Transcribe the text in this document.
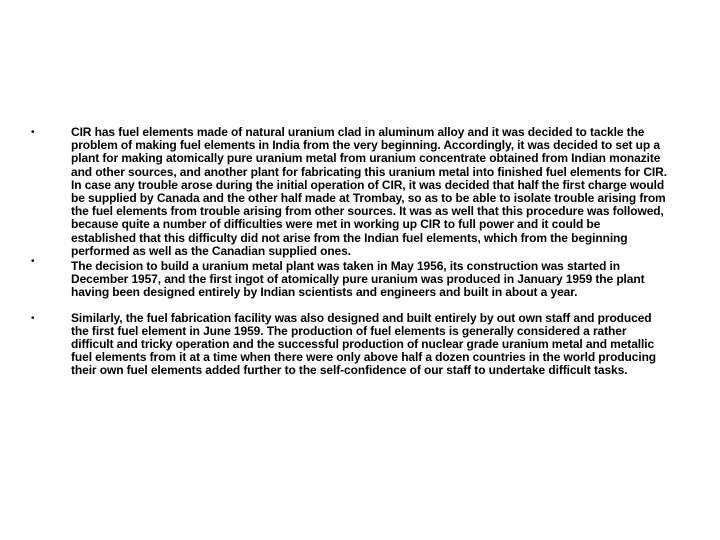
•	CIR has fuel elements made of natural uranium clad in aluminum alloy and it was decided to tackle the problem of making fuel elements in India from the very beginning. Accordingly, it was decided to set up a plant for making atomically pure uranium metal from uranium concentrate obtained from Indian monazite and other sources, and another plant for fabricating this uranium metal into finished fuel elements for CIR. In case any trouble arose during the initial operation of CIR, it was decided that half the first charge would be supplied by Canada and the other half made at Trombay, so as to be able to isolate trouble arising from the fuel elements from trouble arising from other sources. It was as well that this procedure was followed, because quite a number of difficulties were met in working up CIR to full power and it could be established that this difficulty did not arise from the Indian fuel elements, which from the beginning performed as well as the Canadian supplied ones.
•	The decision to build a uranium metal plant was taken in May 1956, its construction was started in December 1957, and the first ingot of atomically pure uranium was produced in January 1959 the plant having been designed entirely by Indian scientists and engineers and built in about a year.
•	Similarly, the fuel fabrication facility was also designed and built entirely by out own staff and produced the first fuel element in June 1959. The production of fuel elements is generally considered a rather difficult and tricky operation and the successful production of nuclear grade uranium metal and metallic fuel elements from it at a time when there were only above half a dozen countries in the world producing their own fuel elements added further to the self-confidence of our staff to undertake difficult tasks.
